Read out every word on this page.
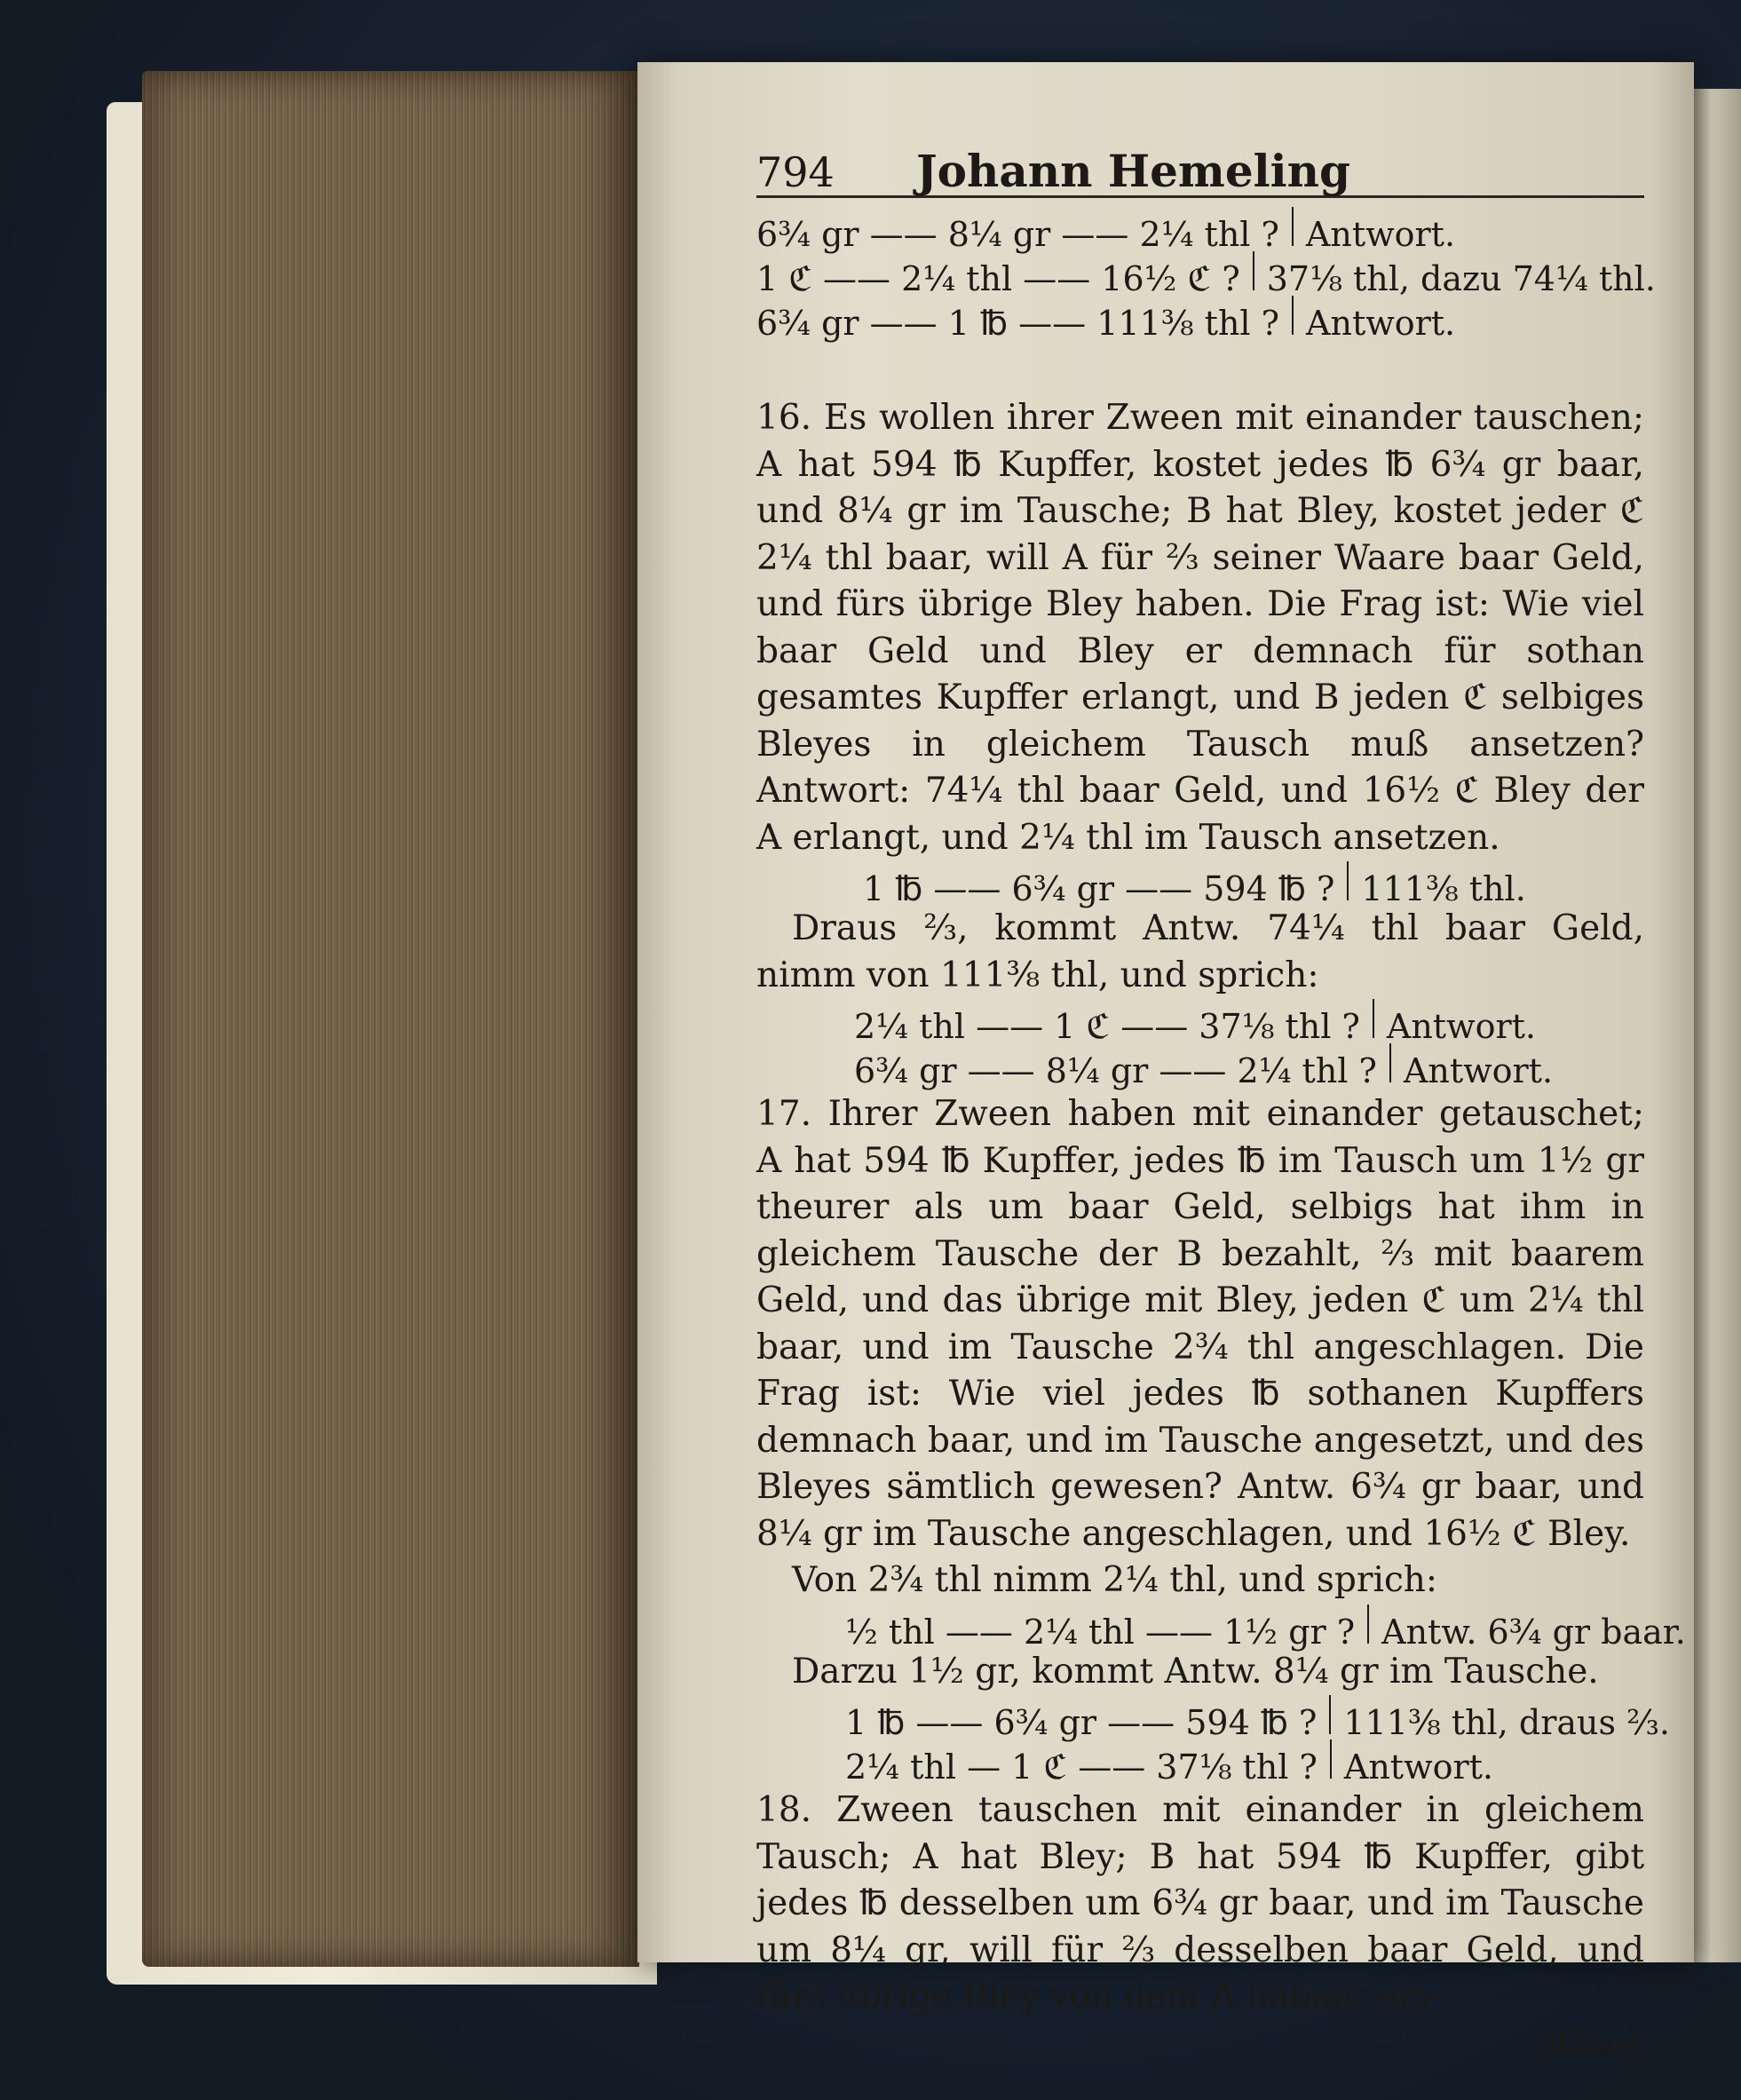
794	Johann Hemeling
6¾ gr —— 8¼ gr —— 2¼ thl ? Antwort.
1 ℭ —— 2¼ thl —— 16½ ℭ ? 37⅛ thl, dazu 74¼ thl.
6¾ gr —— 1 ℔ —— 111⅜ thl ? Antwort.

16. Es wollen ihrer Zween mit einander tauschen; A hat 594 ℔ Kupffer, kostet jedes ℔ 6¾ gr baar, und 8¼ gr im Tausche; B hat Bley, kostet jeder ℭ 2¼ thl baar, will A für ⅔ seiner Waare baar Geld, und fürs übrige Bley haben. Die Frag ist: Wie viel baar Geld und Bley er demnach für sothan gesamtes Kupffer erlangt, und B jeden ℭ selbiges Bleyes in gleichem Tausch muß ansetzen? Antwort: 74¼ thl baar Geld, und 16½ ℭ Bley der A erlangt, und 2¼ thl im Tausch ansetzen.

1 ℔ —— 6¾ gr —— 594 ℔ ? 111⅜ thl.

Draus ⅔, kommt Antw. 74¼ thl baar Geld, nimm von 111⅜ thl, und sprich:

2¼ thl —— 1 ℭ —— 37⅛ thl ? Antwort.
6¾ gr —— 8¼ gr —— 2¼ thl ? Antwort.

17. Ihrer Zween haben mit einander getauschet; A hat 594 ℔ Kupffer, jedes ℔ im Tausch um 1½ gr theurer als um baar Geld, selbigs hat ihm in gleichem Tausche der B bezahlt, ⅔ mit baarem Geld, und das übrige mit Bley, jeden ℭ um 2¼ thl baar, und im Tausche 2¾ thl angeschlagen. Die Frag ist: Wie viel jedes ℔ sothanen Kupffers demnach baar, und im Tausche angesetzt, und des Bleyes sämtlich gewesen? Antw. 6¾ gr baar, und 8¼ gr im Tausche angeschlagen, und 16½ ℭ Bley.

Von 2¾ thl nimm 2¼ thl, und sprich:

½ thl —— 2¼ thl —— 1½ gr ? Antw. 6¾ gr baar.

Darzu 1½ gr, kommt Antw. 8¼ gr im Tausche.

1 ℔ —— 6¾ gr —— 594 ℔ ? 111⅜ thl, draus ⅔.
2¼ thl — 1 ℭ —— 37⅛ thl ? Antwort.

18. Zween tauschen mit einander in gleichem Tausch; A hat Bley; B hat 594 ℔ Kupffer, gibt jedes ℔ desselben um 6¾ gr baar, und im Tausche um 8¼ gr, will für ⅔ desselben baar Geld, und fürs übrige Bley von dem A haben; em-

pfähet
